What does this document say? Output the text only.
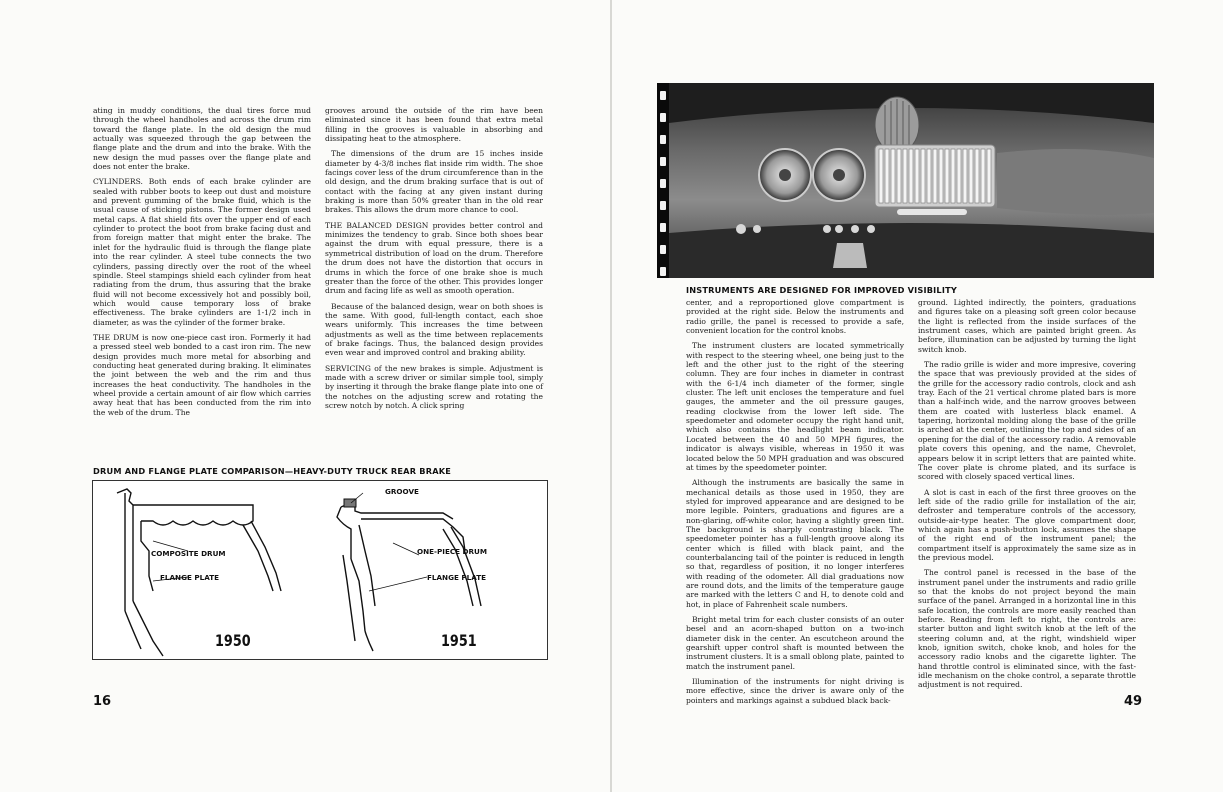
ating in muddy conditions, the dual tires force mud through the wheel handholes and across the drum rim toward the flange plate. In the old design the mud actually was squeezed through the gap between the flange plate and the drum and into the brake. With the new design the mud passes over the flange plate and does not enter the brake.

CYLINDERS. Both ends of each brake cylinder are sealed with rubber boots to keep out dust and moisture and prevent gumming of the brake fluid, which is the usual cause of sticking pistons. The former design used metal caps. A flat shield fits over the upper end of each cylinder to protect the boot from brake facing dust and from foreign matter that might enter the brake. The inlet for the hydraulic fluid is through the flange plate into the rear cylinder. A steel tube connects the two cylinders, passing directly over the root of the wheel spindle. Steel stampings shield each cylinder from heat radiating from the drum, thus assuring that the brake fluid will not become excessively hot and possibly boil, which would cause temporary loss of brake effectiveness. The brake cylinders are 1-1/2 inch in diameter, as was the cylinder of the former brake.

THE DRUM is now one-piece cast iron. Formerly it had a pressed steel web bonded to a cast iron rim. The new design provides much more metal for absorbing and conducting heat generated during braking. It eliminates the joint between the web and the rim and thus increases the heat conductivity. The handholes in the wheel provide a certain amount of air flow which carries away heat that has been conducted from the rim into the web of the drum. The

grooves around the outside of the rim have been eliminated since it has been found that extra metal filling in the grooves is valuable in absorbing and dissipating heat to the atmosphere.

The dimensions of the drum are 15 inches inside diameter by 4-3/8 inches flat inside rim width. The shoe facings cover less of the drum circumference than in the old design, and the drum braking surface that is out of contact with the facing at any given instant during braking is more than 50% greater than in the old rear brakes. This allows the drum more chance to cool.

THE BALANCED DESIGN provides better control and minimizes the tendency to grab. Since both shoes bear against the drum with equal pressure, there is a symmetrical distribution of load on the drum. Therefore the drum does not have the distortion that occurs in drums in which the force of one brake shoe is much greater than the force of the other. This provides longer drum and facing life as well as smooth operation.

Because of the balanced design, wear on both shoes is the same. With good, full-length contact, each shoe wears uniformly. This increases the time between adjustments as well as the time between replacements of brake facings. Thus, the balanced design provides even wear and improved control and braking ability.

SERVICING of the new brakes is simple. Adjustment is made with a screw driver or similar simple tool, simply by inserting it through the brake flange plate into one of the notches on the adjusting screw and rotating the screw notch by notch. A click spring

DRUM AND FLANGE PLATE COMPARISON—HEAVY-DUTY TRUCK REAR BRAKE
COMPOSITE DRUM
FLANGE PLATE
GROOVE
ONE-PIECE DRUM
FLANGE PLATE
1950	1951
16
INSTRUMENTS ARE DESIGNED FOR IMPROVED VISIBILITY

center, and a reproportioned glove compartment is provided at the right side. Below the instruments and radio grille, the panel is recessed to provide a safe, convenient location for the control knobs.

The instrument clusters are located symmetrically with respect to the steering wheel, one being just to the left and the other just to the right of the steering column. They are four inches in diameter in contrast with the 6-1/4 inch diameter of the former, single cluster. The left unit encloses the temperature and fuel gauges, the ammeter and the oil pressure gauges, reading clockwise from the lower left side. The speedometer and odometer occupy the right hand unit, which also contains the headlight beam indicator. Located between the 40 and 50 MPH figures, the indicator is always visible, whereas in 1950 it was located below the 50 MPH graduation and was obscured at times by the speedometer pointer.

Although the instruments are basically the same in mechanical details as those used in 1950, they are styled for improved appearance and are designed to be more legible. Pointers, graduations and figures are a non-glaring, off-white color, having a slightly green tint. The background is sharply contrasting black. The speedometer pointer has a full-length groove along its center which is filled with black paint, and the counterbalancing tail of the pointer is reduced in length so that, regardless of position, it no longer interferes with reading of the odometer. All dial graduations now are round dots, and the limits of the temperature gauge are marked with the letters C and H, to denote cold and hot, in place of Fahrenheit scale numbers.

Bright metal trim for each cluster consists of an outer besel and an acorn-shaped button on a two-inch diameter disk in the center. An escutcheon around the gearshift upper control shaft is mounted between the instrument clusters. It is a small oblong plate, painted to match the instrument panel.

Illumination of the instruments for night driving is more effective, since the driver is aware only of the pointers and markings against a subdued black back-

ground. Lighted indirectly, the pointers, graduations and figures take on a pleasing soft green color because the light is reflected from the inside surfaces of the instrument cases, which are painted bright green. As before, illumination can be adjusted by turning the light switch knob.

The radio grille is wider and more impresive, covering the space that was previously provided at the sides of the grille for the accessory radio controls, clock and ash tray. Each of the 21 vertical chrome plated bars is more than a half-inch wide, and the narrow grooves between them are coated with lusterless black enamel. A tapering, horizontal molding along the base of the grille is arched at the center, outlining the top and sides of an opening for the dial of the accessory radio. A removable plate covers this opening, and the name, Chevrolet, appears below it in script letters that are painted white. The cover plate is chrome plated, and its surface is scored with closely spaced vertical lines.

A slot is cast in each of the first three grooves on the left side of the radio grille for installation of the air, defroster and temperature controls of the accessory, outside-air-type heater. The glove compartment door, which again has a push-button lock, assumes the shape of the right end of the instrument panel; the compartment itself is approximately the same size as in the previous model.

The control panel is recessed in the base of the instrument panel under the instruments and radio grille so that the knobs do not project beyond the main surface of the panel. Arranged in a horizontal line in this safe location, the controls are more easily reached than before. Reading from left to right, the controls are: starter button and light switch knob at the left of the steering column and, at the right, windshield wiper knob, ignition switch, choke knob, and holes for the accessory radio knobs and the cigarette lighter. The hand throttle control is eliminated since, with the fast-idle mechanism on the choke control, a separate throttle adjustment is not required.

49
